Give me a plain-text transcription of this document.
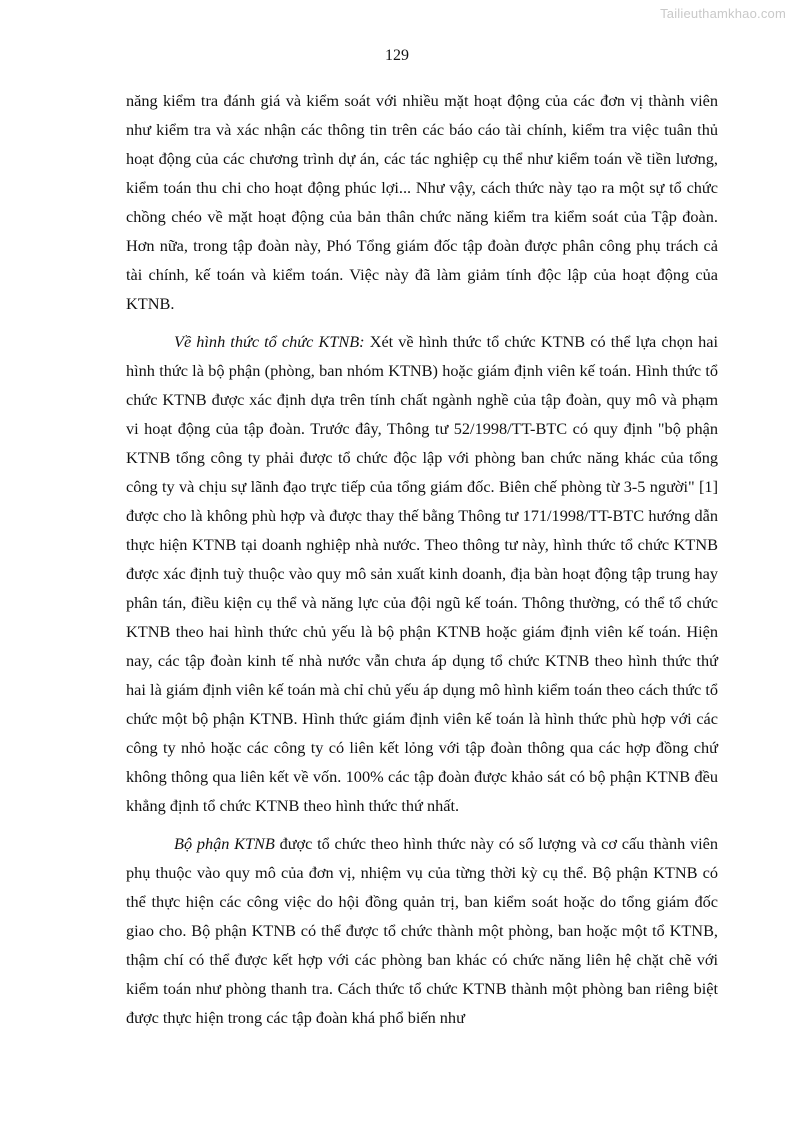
Tailieuthamkhao.com
129

năng kiểm tra đánh giá và kiểm soát với nhiều mặt hoạt động của các đơn vị thành viên như kiểm tra và xác nhận các thông tin trên các báo cáo tài chính, kiểm tra việc tuân thủ hoạt động của các chương trình dự án, các tác nghiệp cụ thể như kiểm toán về tiền lương, kiểm toán thu chi cho hoạt động phúc lợi... Như vậy, cách thức này tạo ra một sự tổ chức chồng chéo về mặt hoạt động của bản thân chức năng kiểm tra kiểm soát của Tập đoàn. Hơn nữa, trong tập đoàn này, Phó Tổng giám đốc tập đoàn được phân công phụ trách cả tài chính, kế toán và kiểm toán. Việc này đã làm giảm tính độc lập của hoạt động của KTNB.

Về hình thức tổ chức KTNB: Xét về hình thức tổ chức KTNB có thể lựa chọn hai hình thức là bộ phận (phòng, ban nhóm KTNB) hoặc giám định viên kế toán. Hình thức tổ chức KTNB được xác định dựa trên tính chất ngành nghề của tập đoàn, quy mô và phạm vi hoạt động của tập đoàn. Trước đây, Thông tư 52/1998/TT-BTC có quy định "bộ phận KTNB tổng công ty phải được tổ chức độc lập với phòng ban chức năng khác của tổng công ty và chịu sự lãnh đạo trực tiếp của tổng giám đốc. Biên chế phòng từ 3-5 người" [1] được cho là không phù hợp và được thay thế bằng Thông tư 171/1998/TT-BTC hướng dẫn thực hiện KTNB tại doanh nghiệp nhà nước. Theo thông tư này, hình thức tổ chức KTNB được xác định tuỳ thuộc vào quy mô sản xuất kinh doanh, địa bàn hoạt động tập trung hay phân tán, điều kiện cụ thể và năng lực của đội ngũ kế toán. Thông thường, có thể tổ chức KTNB theo hai hình thức chủ yếu là bộ phận KTNB hoặc giám định viên kế toán. Hiện nay, các tập đoàn kinh tế nhà nước vẫn chưa áp dụng tổ chức KTNB theo hình thức thứ hai là giám định viên kế toán mà chỉ chủ yếu áp dụng mô hình kiểm toán theo cách thức tổ chức một bộ phận KTNB. Hình thức giám định viên kế toán là hình thức phù hợp với các công ty nhỏ hoặc các công ty có liên kết lỏng với tập đoàn thông qua các hợp đồng chứ không thông qua liên kết về vốn. 100% các tập đoàn được khảo sát có bộ phận KTNB đều khẳng định tổ chức KTNB theo hình thức thứ nhất.

Bộ phận KTNB được tổ chức theo hình thức này có số lượng và cơ cấu thành viên phụ thuộc vào quy mô của đơn vị, nhiệm vụ của từng thời kỳ cụ thể. Bộ phận KTNB có thể thực hiện các công việc do hội đồng quản trị, ban kiểm soát hoặc do tổng giám đốc giao cho. Bộ phận KTNB có thể được tổ chức thành một phòng, ban hoặc một tổ KTNB, thậm chí có thể được kết hợp với các phòng ban khác có chức năng liên hệ chặt chẽ với kiểm toán như phòng thanh tra. Cách thức tổ chức KTNB thành một phòng ban riêng biệt được thực hiện trong các tập đoàn khá phổ biến như
